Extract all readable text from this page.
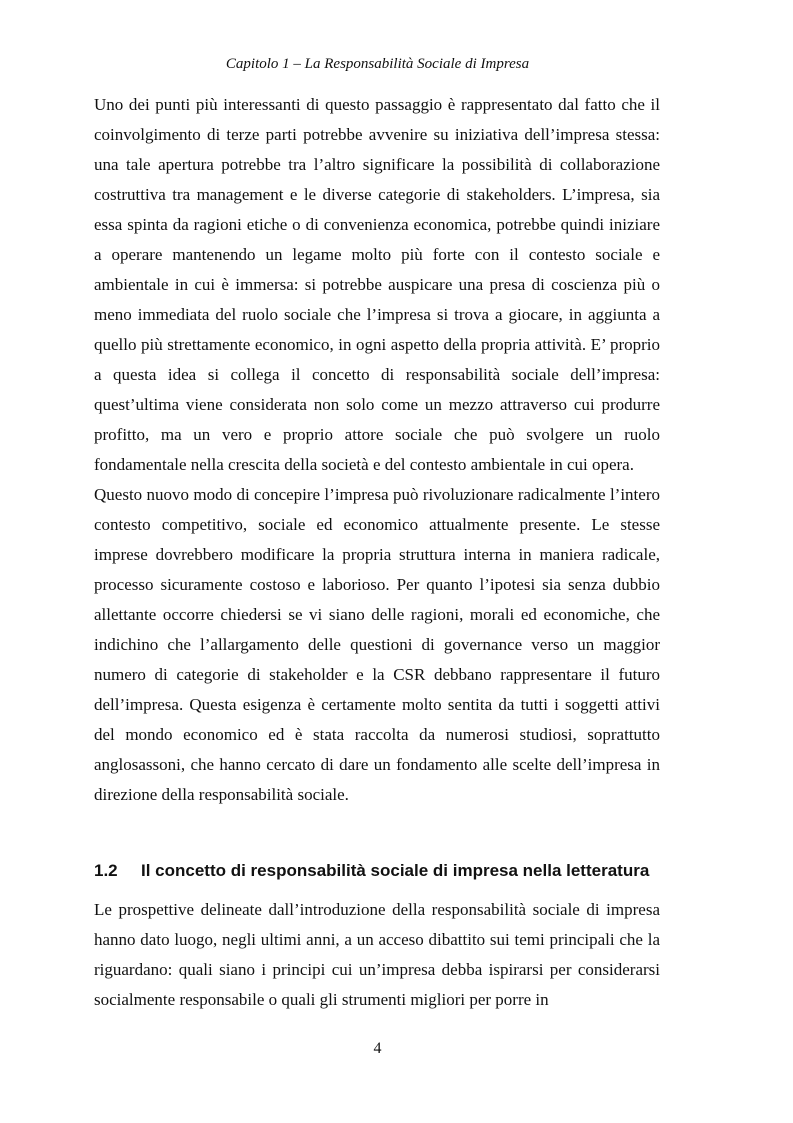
Capitolo 1 – La Responsabilità Sociale di Impresa

Uno dei punti più interessanti di questo passaggio è rappresentato dal fatto che il coinvolgimento di terze parti potrebbe avvenire su iniziativa dell’impresa stessa: una tale apertura potrebbe tra l’altro significare la possibilità di collaborazione costruttiva tra management e le diverse categorie di stakeholders. L’impresa, sia essa spinta da ragioni etiche o di convenienza economica, potrebbe quindi iniziare a operare mantenendo un legame molto più forte con il contesto sociale e ambientale in cui è immersa: si potrebbe auspicare una presa di coscienza più o meno immediata del ruolo sociale che l’impresa si trova a giocare, in aggiunta a quello più strettamente economico, in ogni aspetto della propria attività. E’ proprio a questa idea si collega il concetto di responsabilità sociale dell’impresa: quest’ultima viene considerata non solo come un mezzo attraverso cui produrre profitto, ma un vero e proprio attore sociale che può svolgere un ruolo fondamentale nella crescita della società e del contesto ambientale in cui opera.

Questo nuovo modo di concepire l’impresa può rivoluzionare radicalmente l’intero contesto competitivo, sociale ed economico attualmente presente. Le stesse imprese dovrebbero modificare la propria struttura interna in maniera radicale, processo sicuramente costoso e laborioso. Per quanto l’ipotesi sia senza dubbio allettante occorre chiedersi se vi siano delle ragioni, morali ed economiche, che indichino che l’allargamento delle questioni di governance verso un maggior numero di categorie di stakeholder e la CSR debbano rappresentare il futuro dell’impresa. Questa esigenza è certamente molto sentita da tutti i soggetti attivi del mondo economico ed è stata raccolta da numerosi studiosi, soprattutto anglosassoni, che hanno cercato di dare un fondamento alle scelte dell’impresa in direzione della responsabilità sociale.

1.2 Il concetto di responsabilità sociale di impresa nella letteratura

Le prospettive delineate dall’introduzione della responsabilità sociale di impresa hanno dato luogo, negli ultimi anni, a un acceso dibattito sui temi principali che la riguardano: quali siano i principi cui un’impresa debba ispirarsi per considerarsi socialmente responsabile o quali gli strumenti migliori per porre in

4
